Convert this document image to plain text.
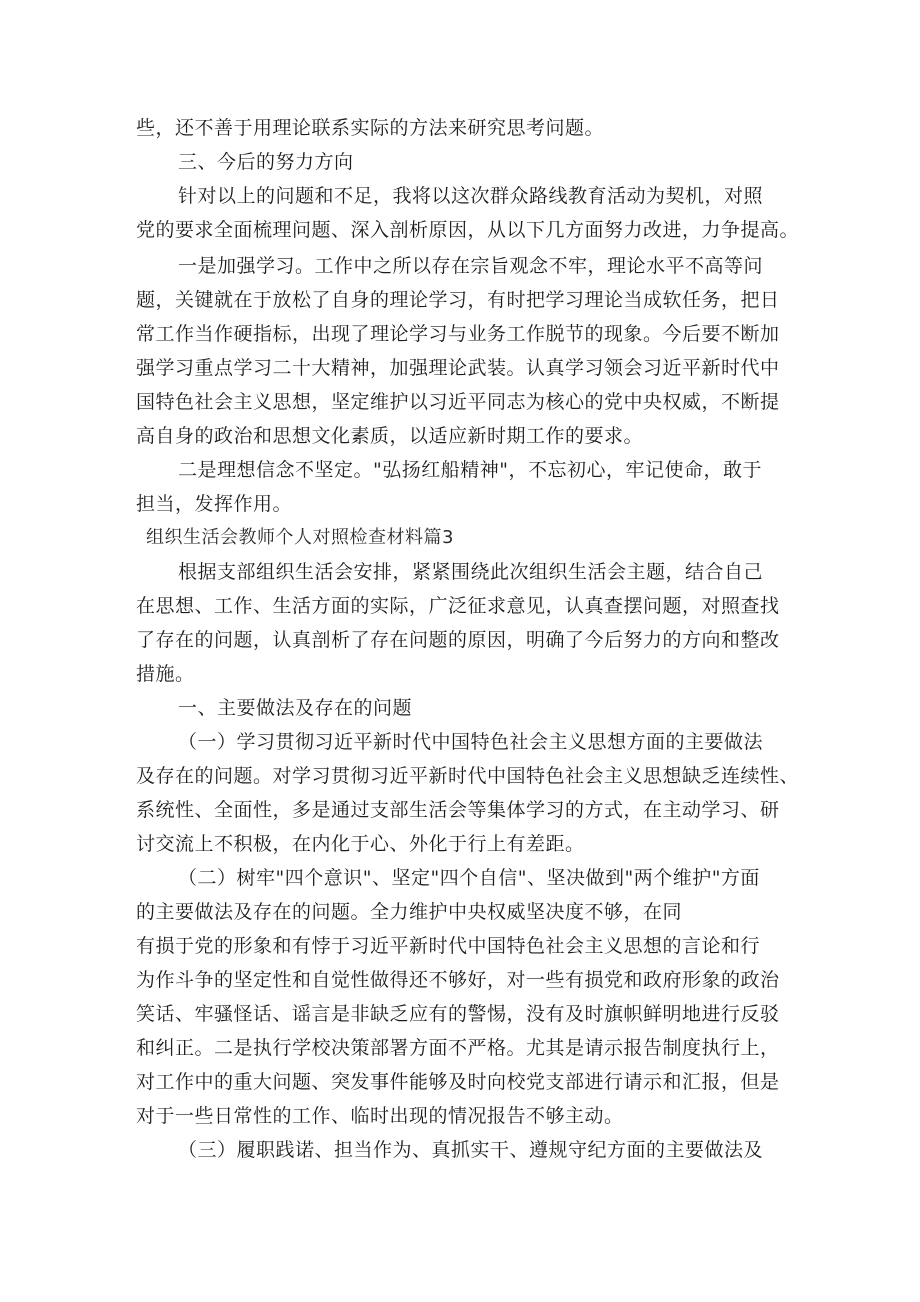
些，还不善于用理论联系实际的方法来研究思考问题。
三、今后的努力方向
针对以上的问题和不足，我将以这次群众路线教育活动为契机，对照
党的要求全面梳理问题、深入剖析原因，从以下几方面努力改进，力争提高。
一是加强学习。工作中之所以存在宗旨观念不牢，理论水平不高等问
题，关键就在于放松了自身的理论学习，有时把学习理论当成软任务，把日
常工作当作硬指标，出现了理论学习与业务工作脱节的现象。今后要不断加
强学习重点学习二十大精神，加强理论武装。认真学习领会习近平新时代中
国特色社会主义思想，坚定维护以习近平同志为核心的党中央权威，不断提
高自身的政治和思想文化素质，以适应新时期工作的要求。
二是理想信念不坚定。"弘扬红船精神"，不忘初心，牢记使命，敢于
担当，发挥作用。
组织生活会教师个人对照检查材料篇3
根据支部组织生活会安排，紧紧围绕此次组织生活会主题，结合自己
在思想、工作、生活方面的实际，广泛征求意见，认真查摆问题，对照查找
了存在的问题，认真剖析了存在问题的原因，明确了今后努力的方向和整改
措施。
一、主要做法及存在的问题
（一）学习贯彻习近平新时代中国特色社会主义思想方面的主要做法
及存在的问题。对学习贯彻习近平新时代中国特色社会主义思想缺乏连续性、
系统性、全面性，多是通过支部生活会等集体学习的方式，在主动学习、研
讨交流上不积极，在内化于心、外化于行上有差距。
（二）树牢"四个意识"、坚定"四个自信"、坚决做到"两个维护"方面
的主要做法及存在的问题。全力维护中央权威坚决度不够，在同
有损于党的形象和有悖于习近平新时代中国特色社会主义思想的言论和行
为作斗争的坚定性和自觉性做得还不够好，对一些有损党和政府形象的政治
笑话、牢骚怪话、谣言是非缺乏应有的警惕，没有及时旗帜鲜明地进行反驳
和纠正。二是执行学校决策部署方面不严格。尤其是请示报告制度执行上，
对工作中的重大问题、突发事件能够及时向校党支部进行请示和汇报，但是
对于一些日常性的工作、临时出现的情况报告不够主动。
（三）履职践诺、担当作为、真抓实干、遵规守纪方面的主要做法及
